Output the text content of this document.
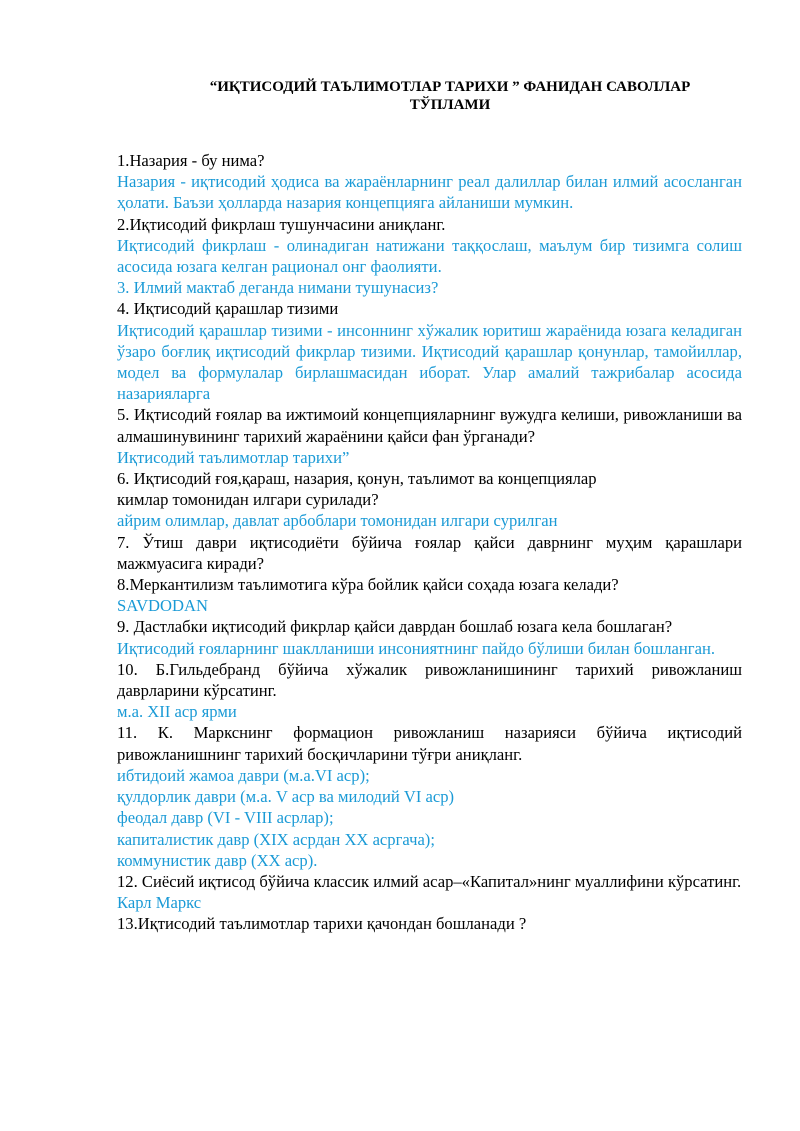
“ИҚТИСОДИЙ ТАЪЛИМОТЛАР ТАРИХИ ” ФАНИДАН САВОЛЛАР
ТЎПЛАМИ

1.Назария - бу нима?

Назария - иқтисодий ҳодиса ва жараёнларнинг реал далиллар билан илмий асосланган ҳолати. Баъзи ҳолларда назария концепцияга айланиши мумкин.

2.Иқтисодий фикрлаш тушунчасини аниқланг.

Иқтисодий фикрлаш - олинадиган натижани таққослаш, маълум бир тизимга солиш асосида юзага келган рационал онг фаолияти.

3. Илмий мактаб деганда нимани тушунасиз?

4. Иқтисодий қарашлар тизими

Иқтисодий қарашлар тизими - инсоннинг хўжалик юритиш жараёнида юзага келадиган ўзаро боғлиқ иқтисодий фикрлар тизими. Иқтисодий қарашлар қонунлар, тамойиллар, модел ва формулалар бирлашмасидан иборат. Улар амалий тажрибалар асосида назарияларга

5. Иқтисодий ғоялар ва ижтимоий концепцияларнинг вужудга келиши, ривожланиши ва алмашинувининг тарихий жараёнини қайси фан ўрганади?

Иқтисодий таълимотлар тарихи”

6. Иқтисодий ғоя,қараш, назария, қонун, таълимот ва концепциялар

кимлар томонидан илгари сурилади?

айрим олимлар, давлат арбоблари томонидан илгари сурилган

7. Ўтиш даври иқтисодиёти бўйича ғоялар қайси даврнинг муҳим қарашлари мажмуасига киради?

8.Меркантилизм таълимотига кўра бойлик қайси соҳада юзага келади?

SAVDODAN

9. Дастлабки иқтисодий фикрлар қайси даврдан бошлаб юзага кела бошлаган?

Иқтисодий ғояларнинг шаклланиши инсониятнинг пайдо бўлиши билан бошланган.

10. Б.Гильдебранд бўйича хўжалик ривожланишининг тарихий ривожланиш даврларини кўрсатинг.

м.а. XII аср ярми

11. К. Маркснинг формацион ривожланиш назарияси бўйича иқтисодий ривожланишнинг тарихий босқичларини тўғри аниқланг.

ибтидоий жамоа даври (м.а.VI аср);

қулдорлик даври (м.а. V аср ва милодий VI аср)

феодал давр (VI - VIII асрлар);

капиталистик давр (XIX асрдан XX асргача);

коммунистик давр (XX аср).

12. Сиёсий иқтисод бўйича классик илмий асар–«Капитал»нинг муаллифини кўрсатинг.

Карл Маркс

13.Иқтисодий таълимотлар тарихи қачондан бошланади ?
